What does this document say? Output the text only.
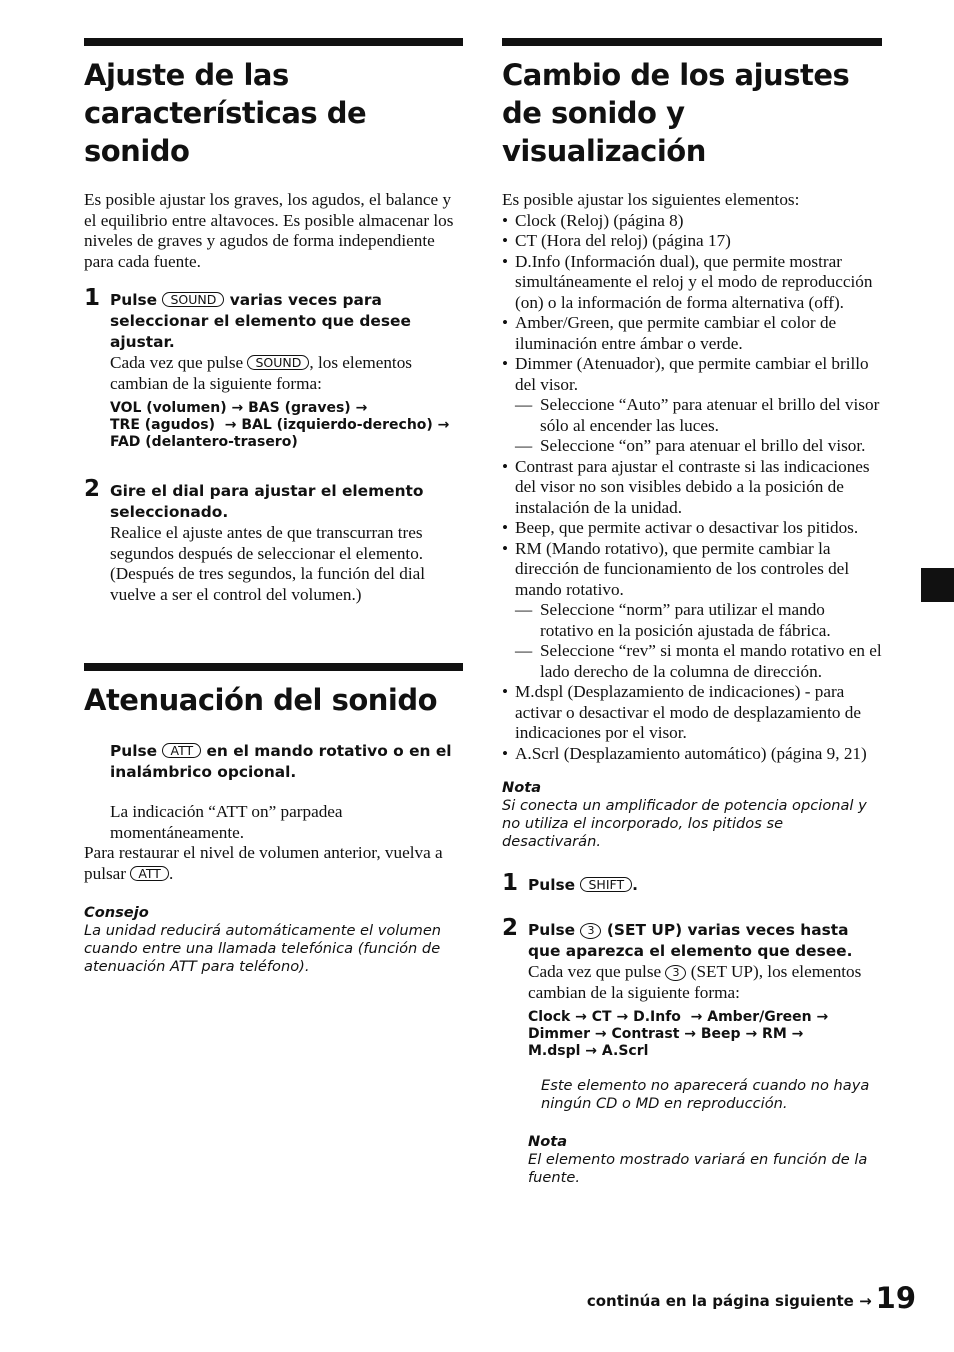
Ajuste de las características de sonido

Es posible ajustar los graves, los agudos, el balance y el equilibrio entre altavoces. Es posible almacenar los niveles de graves y agudos de forma independiente para cada fuente.

1 Pulse SOUND varias veces para seleccionar el elemento que desee ajustar.

Cada vez que pulse SOUND , los elementos cambian de la siguiente forma:

VOL (volumen) → BAS (graves) →
TRE (agudos)  → BAL (izquierdo-derecho) →
FAD (delantero-trasero)
2 Gire el dial para ajustar el elemento seleccionado.

Realice el ajuste antes de que transcurran tres segundos después de seleccionar el elemento. (Después de tres segundos, la función del dial vuelve a ser el control del volumen.)

Atenuación del sonido
Pulse ATT en el mando rotativo o en el inalámbrico opcional.

La indicación “ATT on” parpadea momentáneamente.

Para restaurar el nivel de volumen anterior, vuelva a pulsar ATT .

Consejo
La unidad reducirá automáticamente el volumen cuando entre una llamada telefónica (función de atenuación ATT para teléfono).
Cambio de los ajustes de sonido y visualización

Es posible ajustar los siguientes elementos:

• Clock (Reloj) (página 8)
• CT (Hora del reloj) (página 17)
• D.Info (Información dual), que permite mostrar simultáneamente el reloj y el modo de reproducción (on) o la información de forma alternativa (off).
• Amber/Green, que permite cambiar el color de iluminación entre ámbar o verde.
• Dimmer (Atenuador), que permite cambiar el brillo del visor.
— Seleccione “Auto” para atenuar el brillo del visor sólo al encender las luces.
— Seleccione “on” para atenuar el brillo del visor.
• Contrast para ajustar el contraste si las indicaciones del visor no son visibles debido a la posición de instalación de la unidad.
• Beep, que permite activar o desactivar los pitidos.
• RM (Mando rotativo), que permite cambiar la dirección de funcionamiento de los controles del mando rotativo.
— Seleccione “norm” para utilizar el mando rotativo en la posición ajustada de fábrica.
— Seleccione “rev” si monta el mando rotativo en el lado derecho de la columna de dirección.
• M.dspl (Desplazamiento de indicaciones) - para activar o desactivar el modo de desplazamiento de indicaciones por el visor.
• A.Scrl (Desplazamiento automático) (página 9, 21)
Nota
Si conecta un amplificador de potencia opcional y no utiliza el incorporado, los pitidos se desactivarán.
1 Pulse SHIFT .
2 Pulse 3 (SET UP) varias veces hasta que aparezca el elemento que desee.

Cada vez que pulse 3 (SET UP), los elementos cambian de la siguiente forma:

Clock → CT → D.Info  → Amber/Green →
Dimmer → Contrast → Beep → RM →
M.dspl → A.Scrl
Este elemento no aparecerá cuando no haya ningún CD o MD en reproducción.
Nota
El elemento mostrado variará en función de la fuente.
continúa en la página siguiente → 19
